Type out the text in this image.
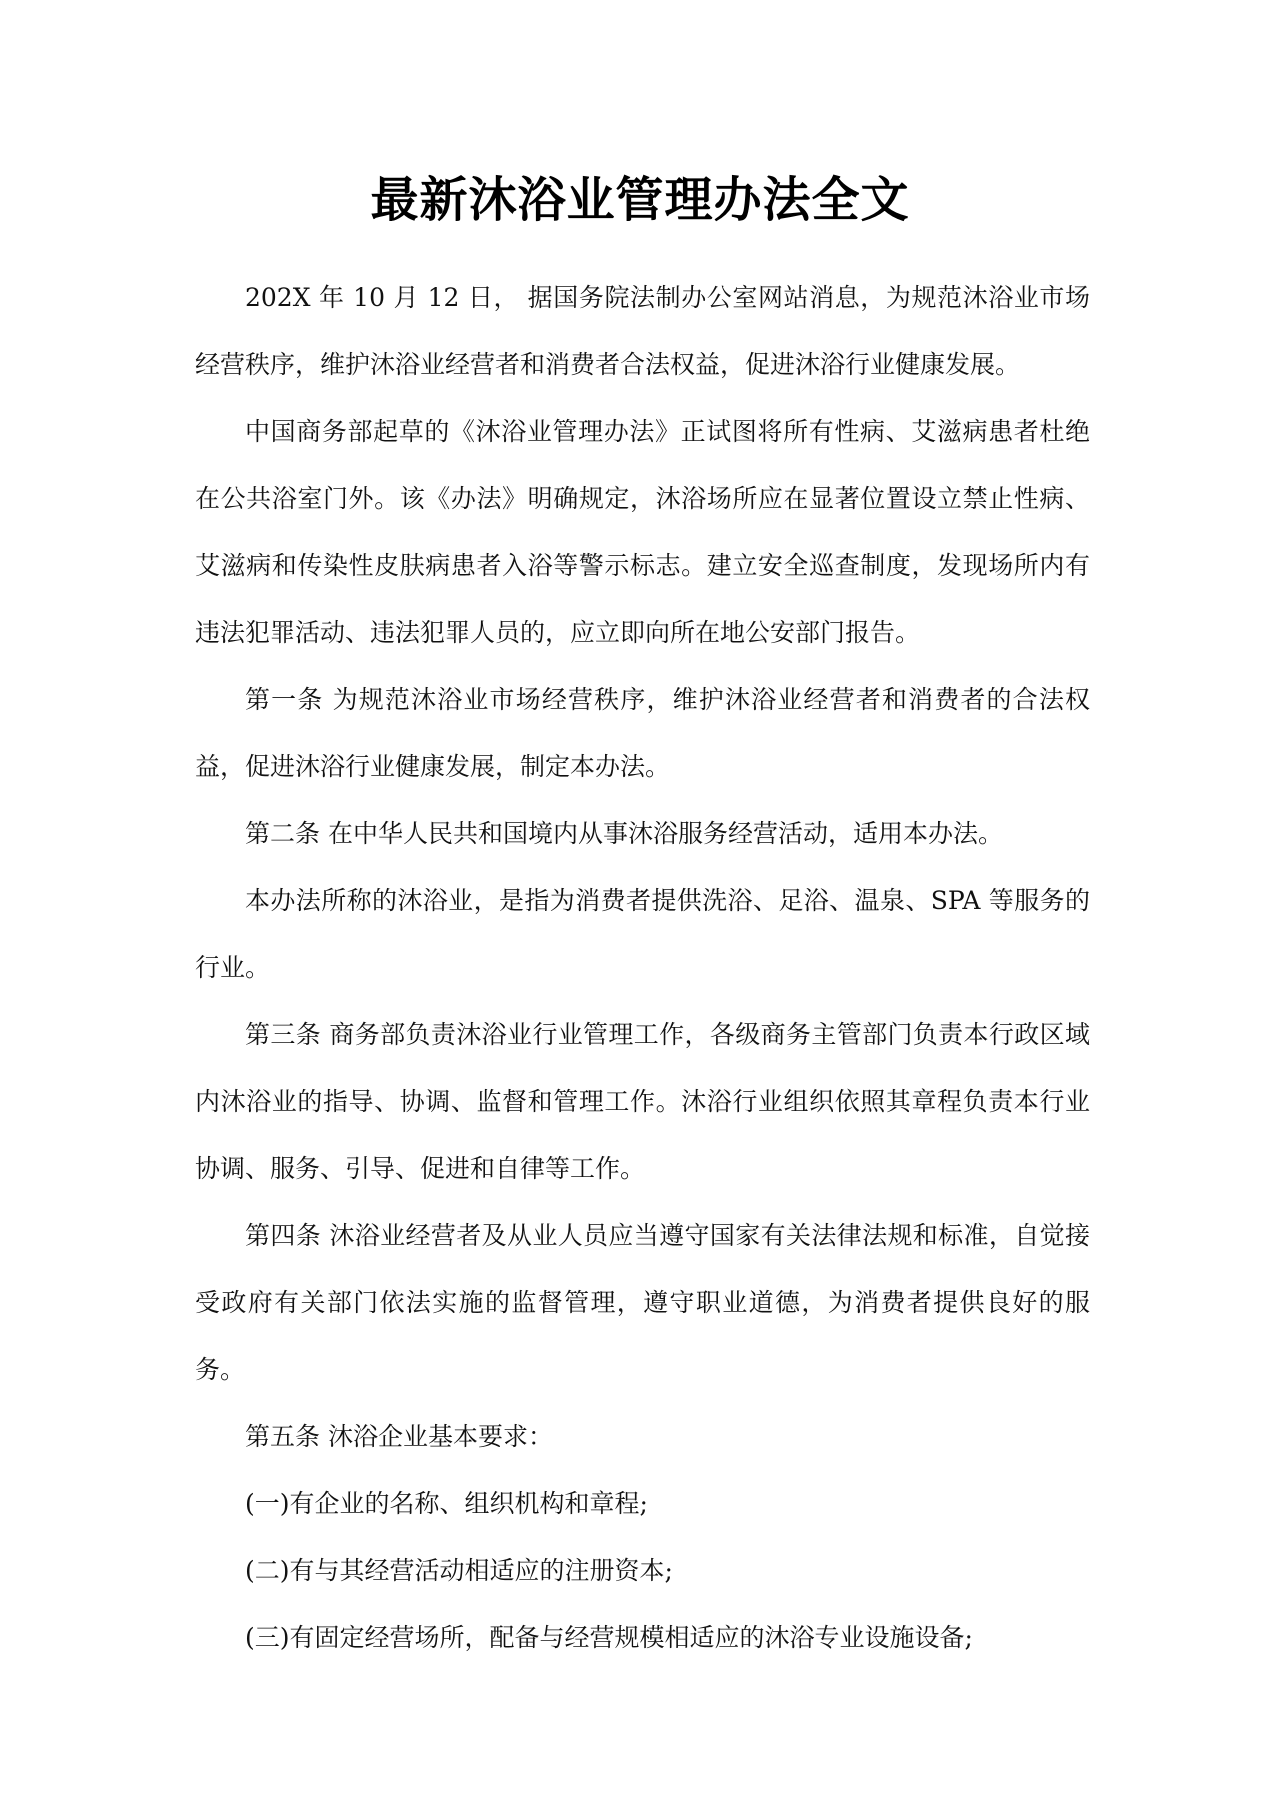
最新沐浴业管理办法全文

202X 年 10 月 12 日， 据国务院法制办公室网站消息，为规范沐浴业市场经营秩序，维护沐浴业经营者和消费者合法权益，促进沐浴行业健康发展。

中国商务部起草的《沐浴业管理办法》正试图将所有性病、艾滋病患者杜绝在公共浴室门外。该《办法》明确规定，沐浴场所应在显著位置设立禁止性病、艾滋病和传染性皮肤病患者入浴等警示标志。建立安全巡查制度，发现场所内有违法犯罪活动、违法犯罪人员的，应立即向所在地公安部门报告。

第一条 为规范沐浴业市场经营秩序，维护沐浴业经营者和消费者的合法权益，促进沐浴行业健康发展，制定本办法。

第二条 在中华人民共和国境内从事沐浴服务经营活动，适用本办法。

本办法所称的沐浴业，是指为消费者提供洗浴、足浴、温泉、SPA 等服务的行业。

第三条 商务部负责沐浴业行业管理工作，各级商务主管部门负责本行政区域内沐浴业的指导、协调、监督和管理工作。沐浴行业组织依照其章程负责本行业协调、服务、引导、促进和自律等工作。

第四条 沐浴业经营者及从业人员应当遵守国家有关法律法规和标准，自觉接受政府有关部门依法实施的监督管理，遵守职业道德，为消费者提供良好的服务。

第五条 沐浴企业基本要求：

(一)有企业的名称、组织机构和章程;

(二)有与其经营活动相适应的注册资本;

(三)有固定经营场所，配备与经营规模相适应的沐浴专业设施设备;
